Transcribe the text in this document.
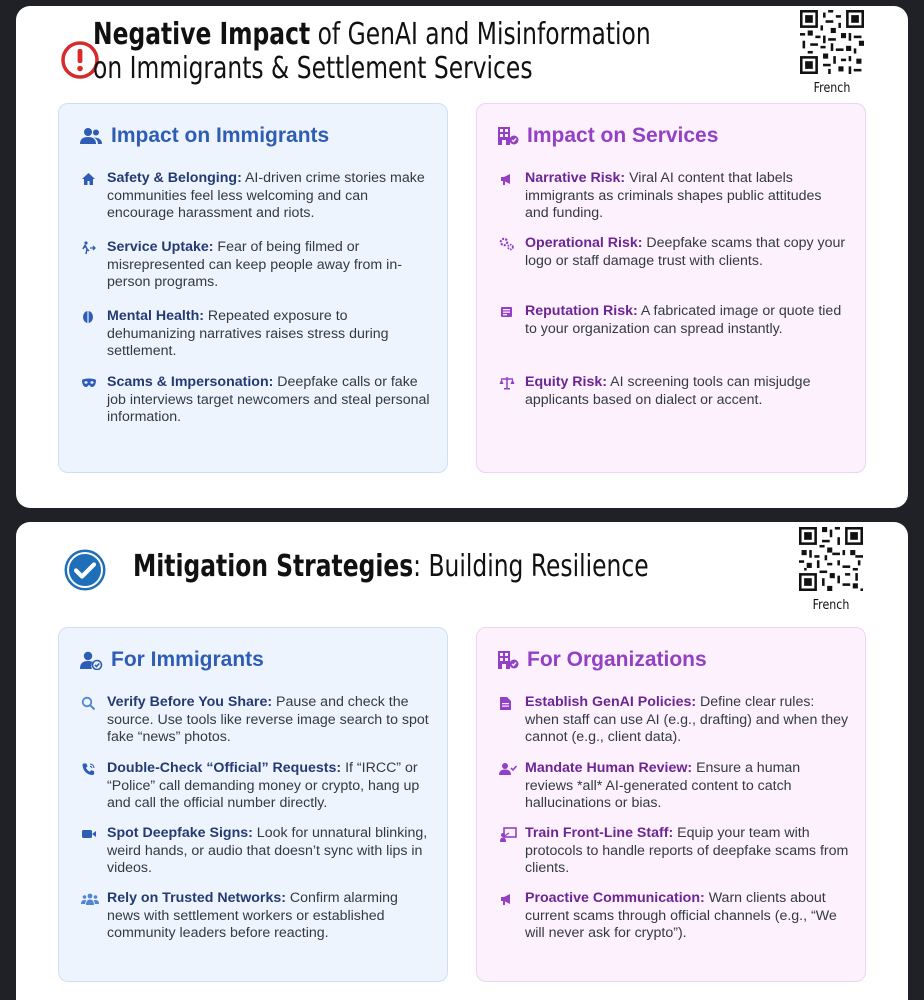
Negative Impact of GenAI and Misinformation on Immigrants & Settlement Services
French
Impact on Immigrants
Safety & Belonging: AI-driven crime stories make communities feel less welcoming and can encourage harassment and riots.
Service Uptake: Fear of being filmed or misrepresented can keep people away from in-person programs.
Mental Health: Repeated exposure to dehumanizing narratives raises stress during settlement.
Scams & Impersonation: Deepfake calls or fake job interviews target newcomers and steal personal information.
Impact on Services
Narrative Risk: Viral AI content that labels immigrants as criminals shapes public attitudes and funding.
Operational Risk: Deepfake scams that copy your logo or staff damage trust with clients.
Reputation Risk: A fabricated image or quote tied to your organization can spread instantly.
Equity Risk: AI screening tools can misjudge applicants based on dialect or accent.
Mitigation Strategies: Building Resilience
French
For Immigrants
Verify Before You Share: Pause and check the source. Use tools like reverse image search to spot fake “news” photos.
Double-Check “Official” Requests: If “IRCC” or “Police” call demanding money or crypto, hang up and call the official number directly.
Spot Deepfake Signs: Look for unnatural blinking, weird hands, or audio that doesn’t sync with lips in videos.
Rely on Trusted Networks: Confirm alarming news with settlement workers or established community leaders before reacting.
For Organizations
Establish GenAI Policies: Define clear rules: when staff can use AI (e.g., drafting) and when they cannot (e.g., client data).
Mandate Human Review: Ensure a human reviews *all* AI-generated content to catch hallucinations or bias.
Train Front-Line Staff: Equip your team with protocols to handle reports of deepfake scams from clients.
Proactive Communication: Warn clients about current scams through official channels (e.g., “We will never ask for crypto”).
